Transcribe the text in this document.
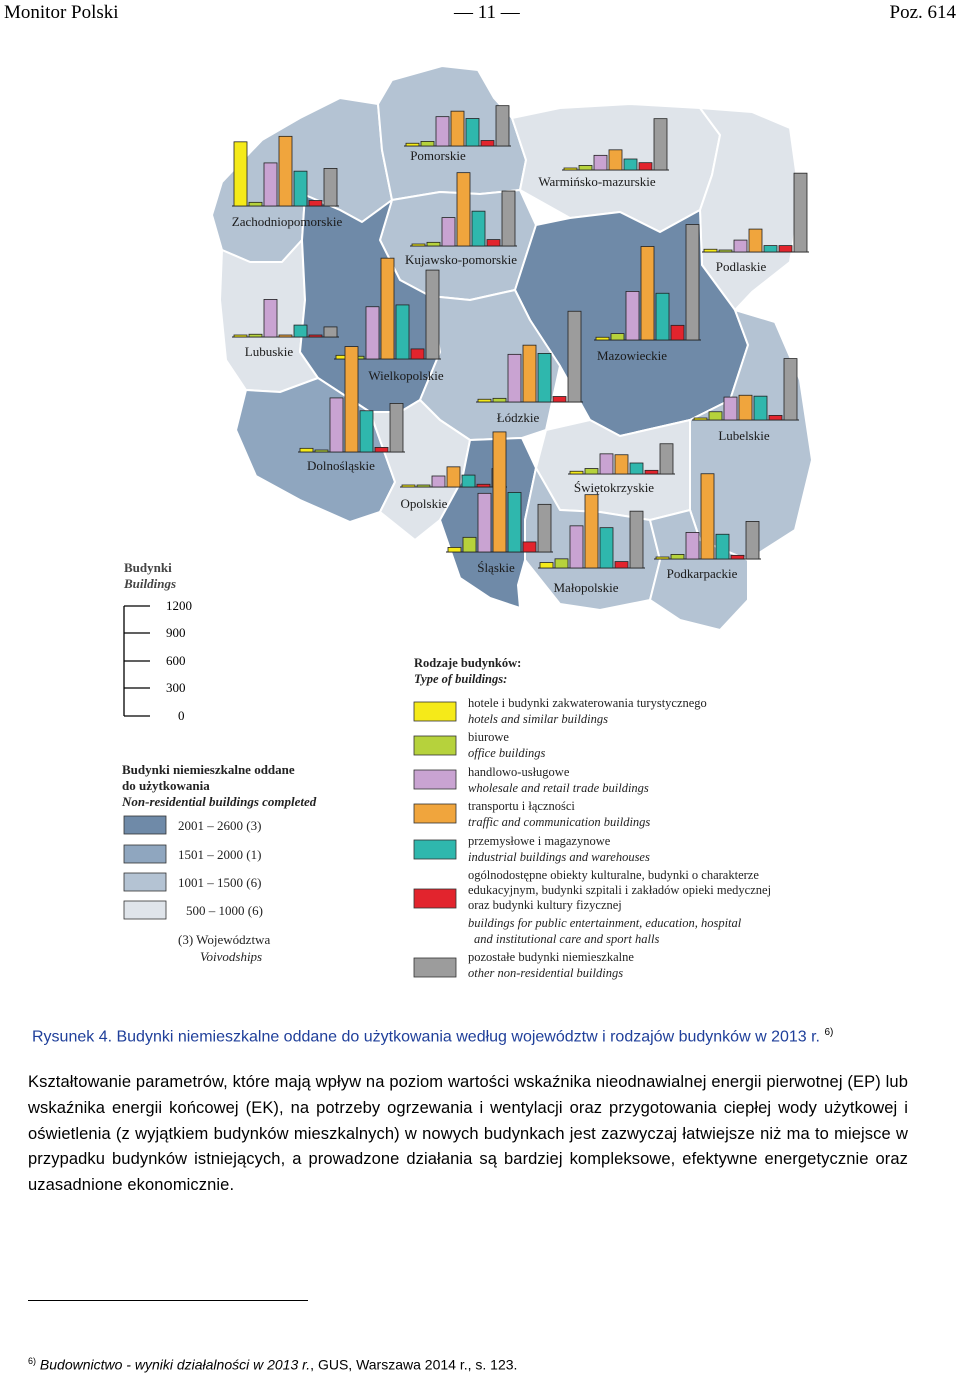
Monitor Polski	— 11 —	Poz. 614
Zachodniopomorskie
Pomorskie
Warmińsko-mazurskie
Podlaskie
Kujawsko-pomorskie
Lubuskie
Wielkopolskie
Mazowieckie
Łódzkie
Lubelskie
Dolnośląskie
Opolskie
Śląskie
Świętokrzyskie
Małopolskie
Podkarpackie
Budynki
Buildings
1200
900
600
300
0
Budynki niemieszkalne oddane
do użytkowania
Non-residential buildings completed
2001 – 2600 (3)
1501 – 2000 (1)
1001 – 1500 (6)
500 – 1000 (6)
(3) Województwa
Voivodships
Rodzaje budynków:
Type of buildings:
hotele i budynki zakwaterowania turystycznego
hotels and similar buildings
biurowe
office buildings
handlowo-usługowe
wholesale and retail trade buildings
transportu i łączności
traffic and communication buildings
przemysłowe i magazynowe
industrial buildings and warehouses
ogólnodostępne obiekty kulturalne, budynki o charakterze
edukacyjnym, budynki szpitali i zakładów opieki medycznej
oraz budynki kultury fizycznej
buildings for public entertainment, education, hospital
and institutional care and sport halls
pozostałe budynki niemieszkalne
other non-residential buildings
Rysunek 4. Budynki niemieszkalne oddane do użytkowania według województw i rodzajów budynków w 2013 r. $^{6)}$
Kształtowanie parametrów, które mają wpływ na poziom wartości wskaźnika nieodnawialnej energii pierwotnej (EP) lub wskaźnika energii końcowej (EK), na potrzeby ogrzewania i wentylacji oraz przygotowania ciepłej wody użytkowej i oświetlenia (z wyjątkiem budynków mieszkalnych) w nowych budynkach jest zazwyczaj łatwiejsze niż ma to miejsce w przypadku budynków istniejących, a prowadzone działania są bardziej kompleksowe, efektywne energetycznie oraz uzasadnione ekonomicznie.
$^{6)}$ Budownictwo - wyniki działalności w 2013 r., GUS, Warszawa 2014 r., s. 123.
